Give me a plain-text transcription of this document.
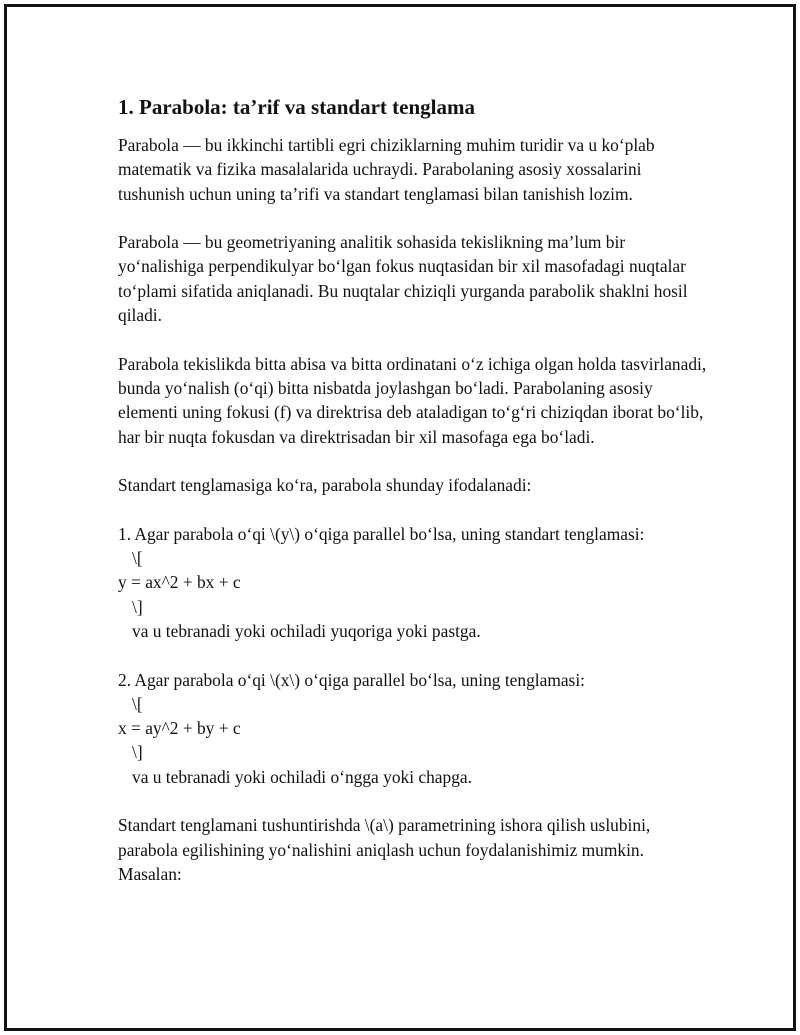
1. Parabola: ta’rif va standart tenglama

Parabola — bu ikkinchi tartibli egri chiziklarning muhim turidir va u ko‘plab matematik va fizika masalalarida uchraydi. Parabolaning asosiy xossalarini tushunish uchun uning ta’rifi va standart tenglamasi bilan tanishish lozim.

Parabola — bu geometriyaning analitik sohasida tekislikning ma’lum bir yo‘nalishiga perpendikulyar bo‘lgan fokus nuqtasidan bir xil masofadagi nuqtalar to‘plami sifatida aniqlanadi. Bu nuqtalar chiziqli yurganda parabolik shaklni hosil qiladi.

Parabola tekislikda bitta abisa va bitta ordinatani o‘z ichiga olgan holda tasvirlanadi, bunda yo‘nalish (o‘qi) bitta nisbatda joylashgan bo‘ladi. Parabolaning asosiy elementi uning fokusi (f) va direktrisa deb ataladigan to‘g‘ri chiziqdan iborat bo‘lib, har bir nuqta fokusdan va direktrisadan bir xil masofaga ega bo‘ladi.

Standart tenglamasiga ko‘ra, parabola shunday ifodalanadi:

1. Agar parabola o‘qi \(y\) o‘qiga parallel bo‘lsa, uning standart tenglamasi:

\[

y = ax^2 + bx + c

\]

va u tebranadi yoki ochiladi yuqoriga yoki pastga.

2. Agar parabola o‘qi \(x\) o‘qiga parallel bo‘lsa, uning tenglamasi:

\[

x = ay^2 + by + c

\]

va u tebranadi yoki ochiladi o‘ngga yoki chapga.

Standart tenglamani tushuntirishda \(a\) parametrining ishora qilish uslubini, parabola egilishining yo‘nalishini aniqlash uchun foydalanishimiz mumkin. Masalan:
